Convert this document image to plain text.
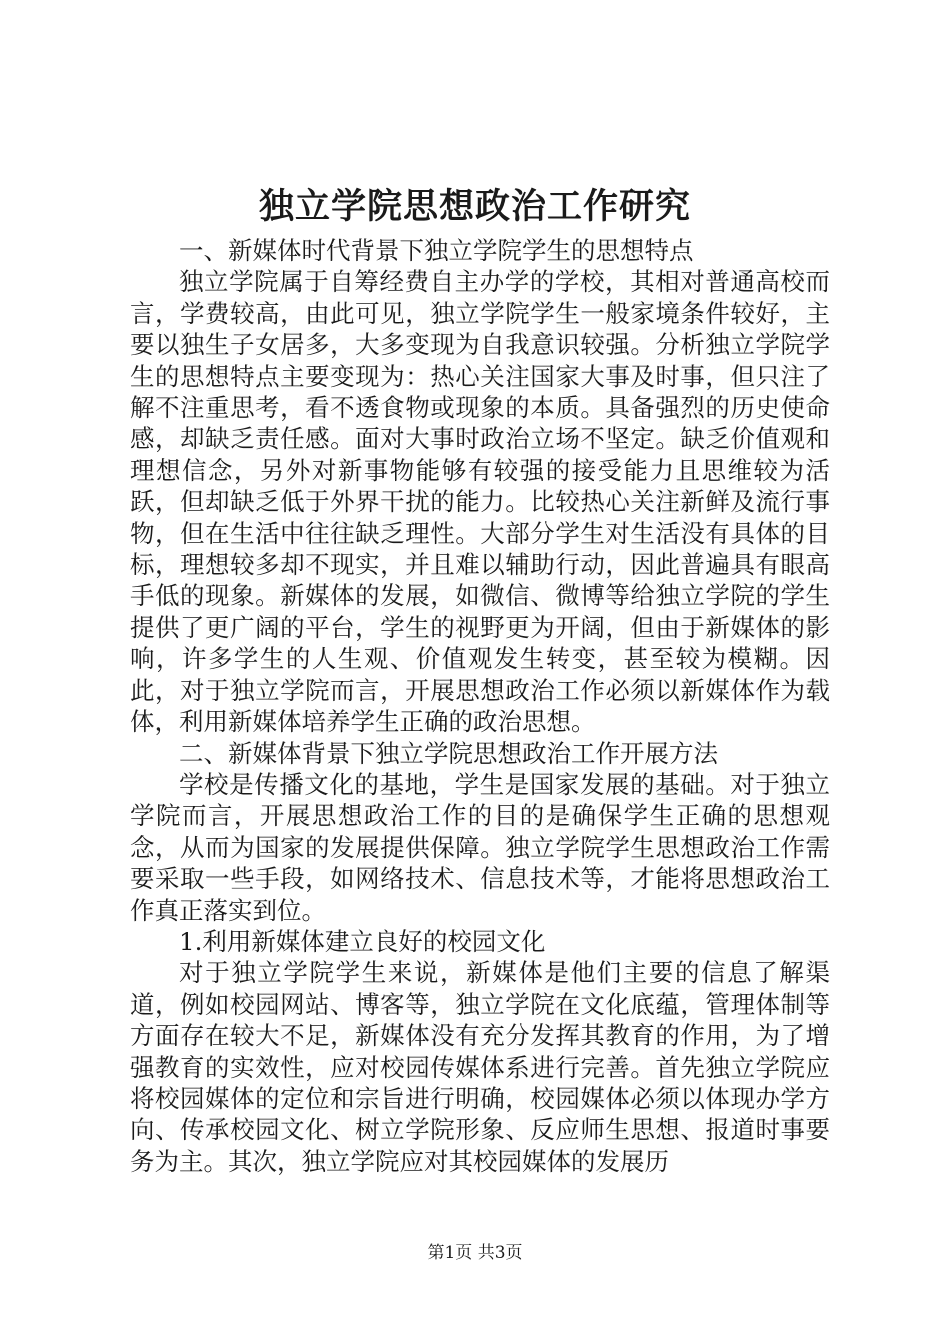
独立学院思想政治工作研究

一、新媒体时代背景下独立学院学生的思想特点

独立学院属于自筹经费自主办学的学校，其相对普通高校而言，学费较高，由此可见，独立学院学生一般家境条件较好，主要以独生子女居多，大多变现为自我意识较强。分析独立学院学生的思想特点主要变现为：热心关注国家大事及时事，但只注了解不注重思考，看不透食物或现象的本质。具备强烈的历史使命感，却缺乏责任感。面对大事时政治立场不坚定。缺乏价值观和理想信念，另外对新事物能够有较强的接受能力且思维较为活跃，但却缺乏低于外界干扰的能力。比较热心关注新鲜及流行事物，但在生活中往往缺乏理性。大部分学生对生活没有具体的目标，理想较多却不现实，并且难以辅助行动，因此普遍具有眼高手低的现象。新媒体的发展，如微信、微博等给独立学院的学生提供了更广阔的平台，学生的视野更为开阔，但由于新媒体的影响，许多学生的人生观、价值观发生转变，甚至较为模糊。因此，对于独立学院而言，开展思想政治工作必须以新媒体作为载体，利用新媒体培养学生正确的政治思想。

二、新媒体背景下独立学院思想政治工作开展方法

学校是传播文化的基地，学生是国家发展的基础。对于独立学院而言，开展思想政治工作的目的是确保学生正确的思想观念，从而为国家的发展提供保障。独立学院学生思想政治工作需要采取一些手段，如网络技术、信息技术等，才能将思想政治工作真正落实到位。

1.利用新媒体建立良好的校园文化

对于独立学院学生来说，新媒体是他们主要的信息了解渠道，例如校园网站、博客等，独立学院在文化底蕴，管理体制等方面存在较大不足，新媒体没有充分发挥其教育的作用，为了增强教育的实效性，应对校园传媒体系进行完善。首先独立学院应将校园媒体的定位和宗旨进行明确，校园媒体必须以体现办学方向、传承校园文化、树立学院形象、反应师生思想、报道时事要务为主。其次，独立学院应对其校园媒体的发展历

第1页 共3页
